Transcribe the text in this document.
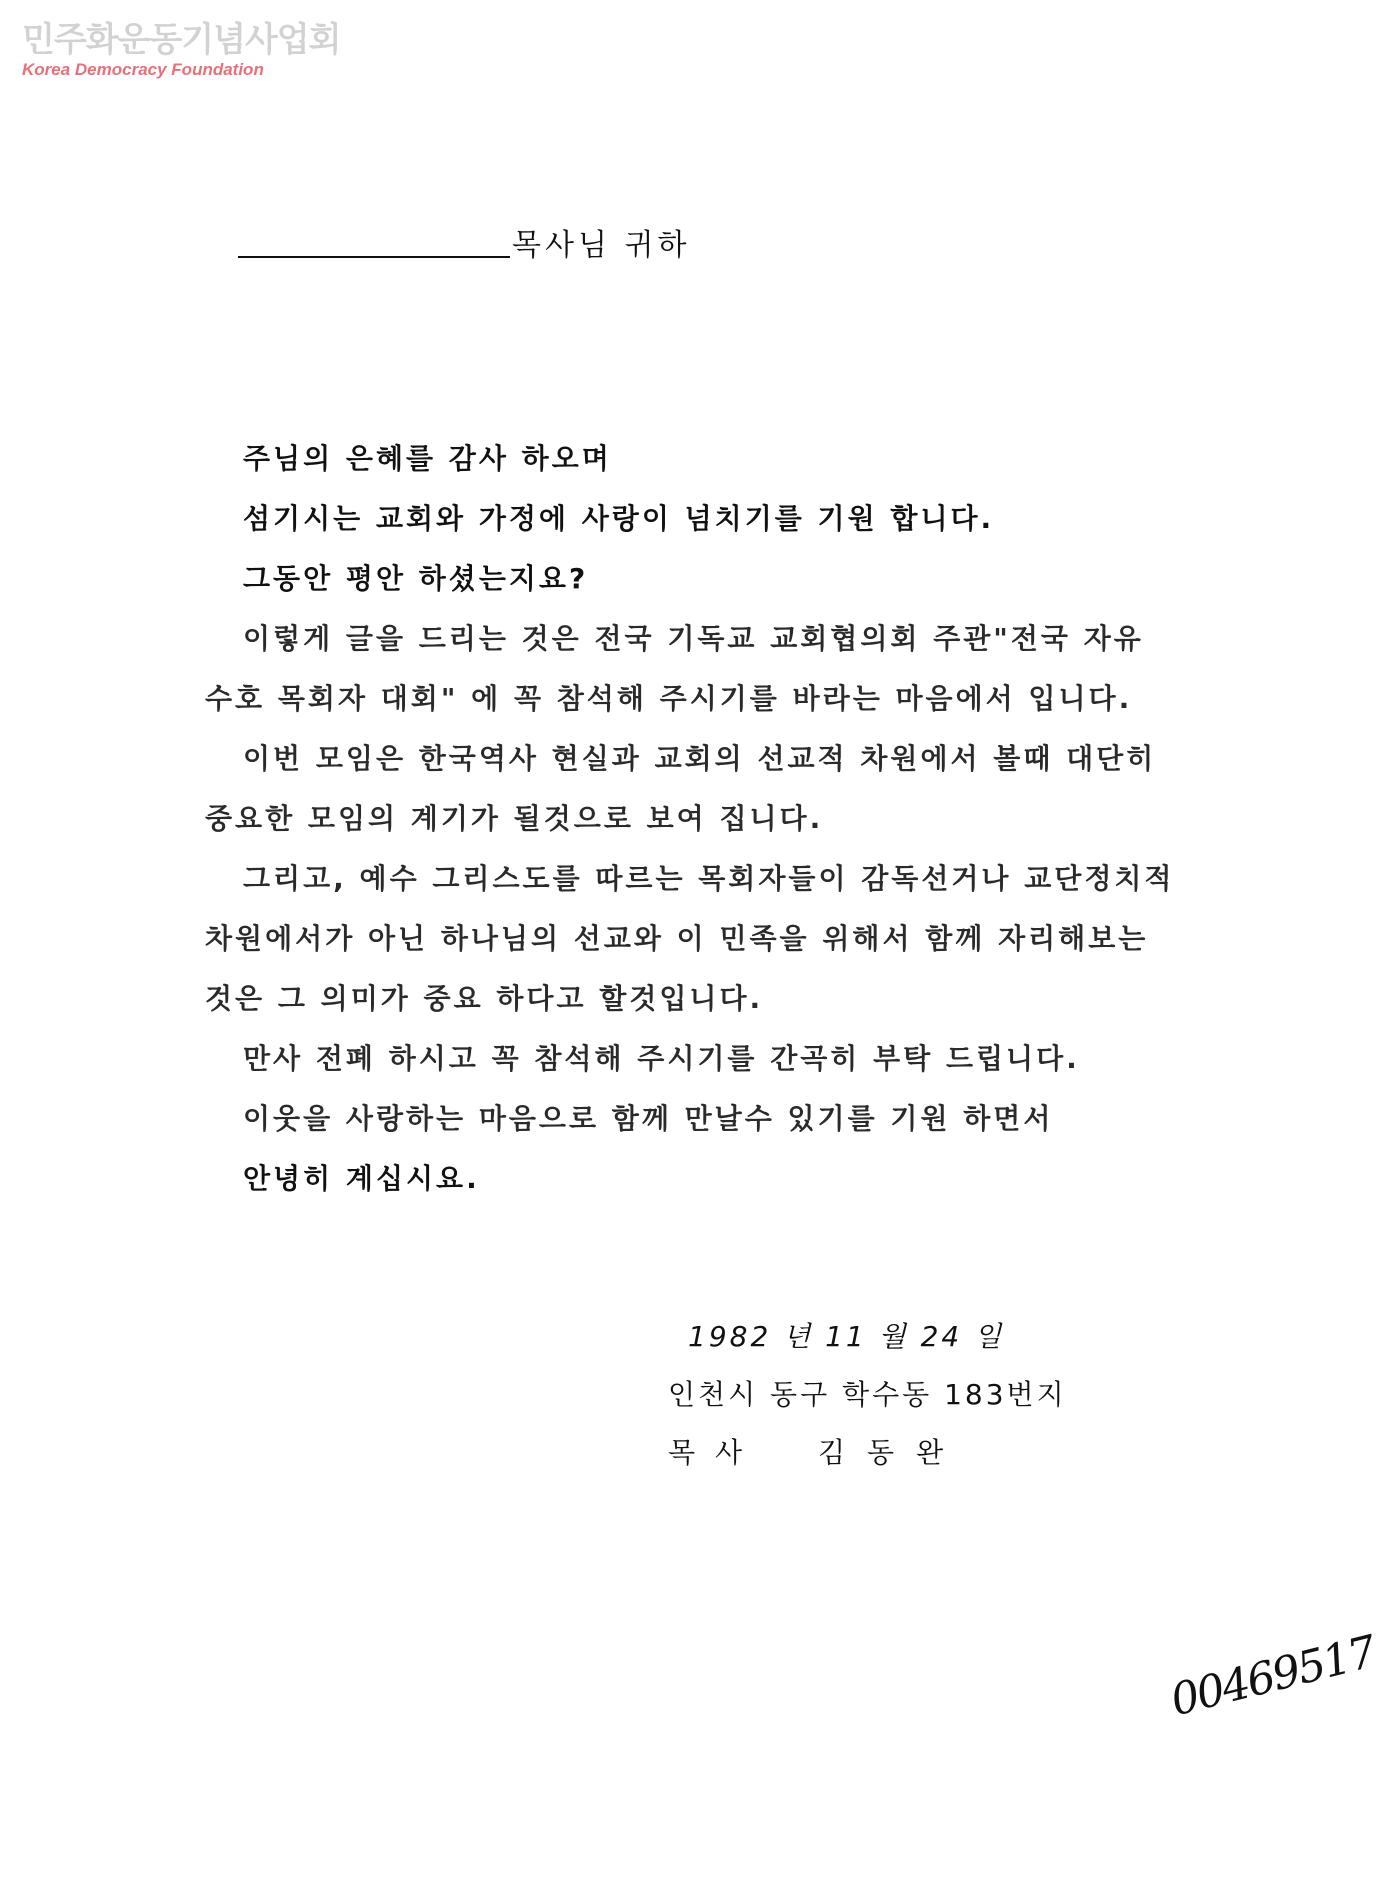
민주화운동기념사업회
Korea Democracy Foundation
목사님 귀하
주님의 은혜를 감사 하오며
섬기시는 교회와 가정에 사랑이 넘치기를 기원 합니다.
그동안 평안 하셨는지요?
이렇게 글을 드리는 것은 전국 기독교 교회협의회 주관"전국 자유
수호 목회자 대회" 에 꼭 참석해 주시기를 바라는 마음에서 입니다.
이번 모임은 한국역사 현실과 교회의 선교적 차원에서 볼때 대단히
중요한 모임의 계기가 될것으로 보여 집니다.
그리고, 예수 그리스도를 따르는 목회자들이 감독선거나 교단정치적
차원에서가 아닌 하나님의 선교와 이 민족을 위해서 함께 자리해보는
것은 그 의미가 중요 하다고 할것입니다.
만사 전폐 하시고 꼭 참석해 주시기를 간곡히 부탁 드립니다.
이웃을 사랑하는 마음으로 함께 만날수 있기를 기원 하면서
안녕히 계십시요.
1982 년 11 월 24 일
인천시 동구 학수동 183번지
목사 김동완
00469517
